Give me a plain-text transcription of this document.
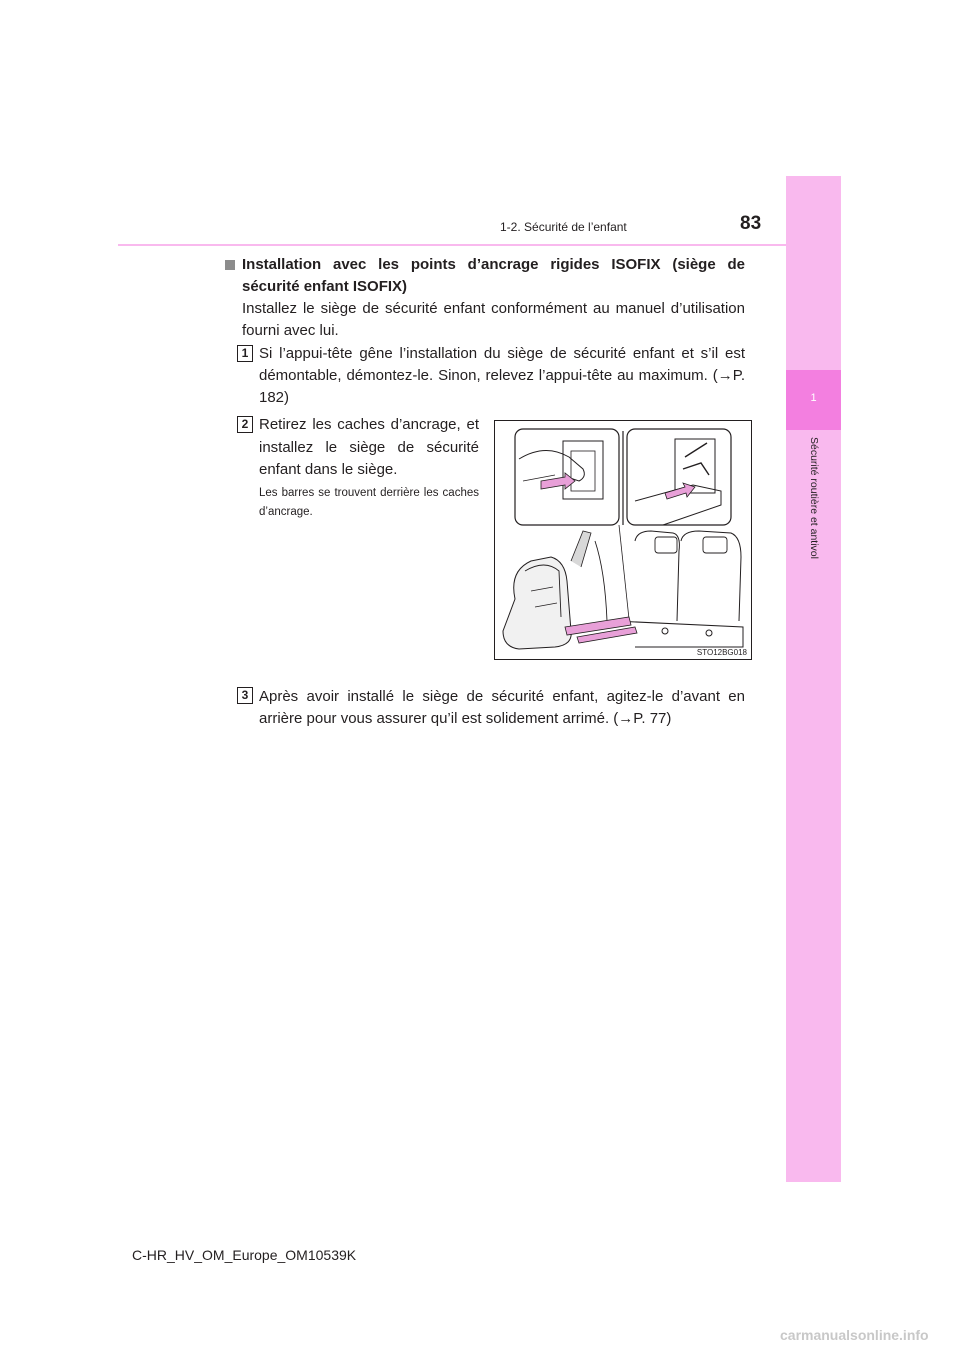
1
Sécurité routière et antivol
1-2. Sécurité de l’enfant	83
Installation avec les points d’ancrage rigides ISOFIX (siège de sécurité enfant ISOFIX)
Installez le siège de sécurité enfant conformément au manuel d’utilisation fourni avec lui.
1 Si l’appui-tête gêne l’installation du siège de sécurité enfant et s’il est démontable, démontez-le. Sinon, relevez l’appui-tête au maximum. (→P. 182)
2 Retirez les caches d’ancrage, et installez le siège de sécurité enfant dans le siège.
Les barres se trouvent derrière les caches d’ancrage.
STO12BG018
3 Après avoir installé le siège de sécurité enfant, agitez-le d’avant en arrière pour vous assurer qu’il est solidement arrimé. (→P. 77)
C-HR_HV_OM_Europe_OM10539K
carmanualsonline.info
